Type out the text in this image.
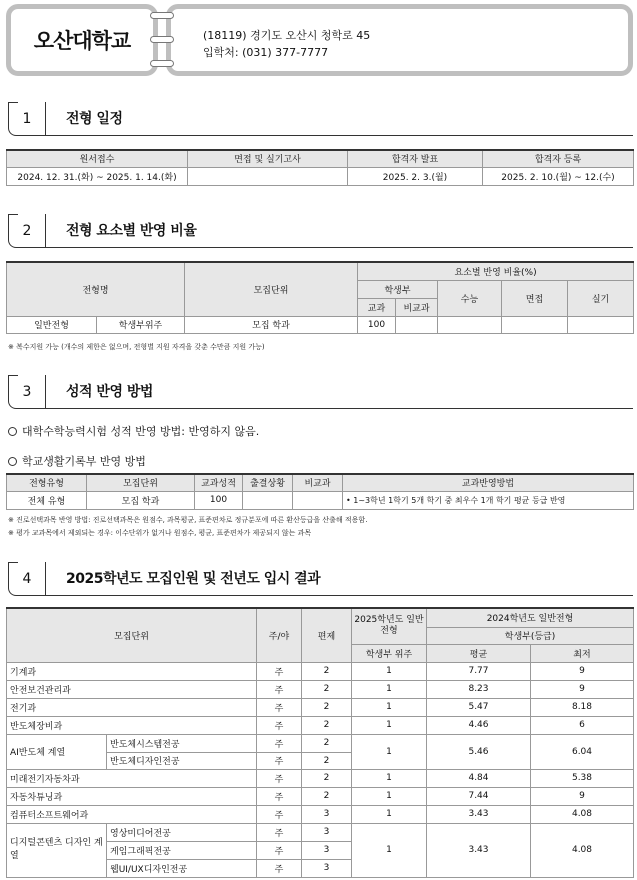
오산대학교	(18119) 경기도 오산시 청학로 45
입학처: (031) 377-7777
1	전형 일정
원서접수	면접 및 실기고사	합격자 발표	합격자 등록
2024. 12. 31.(화) ~ 2025. 1. 14.(화)		2025. 2. 3.(월)	2025. 2. 10.(월) ~ 12.(수)
2	전형 요소별 반영 비율
전형명		모집단위	요소별 반영 비율(%)				
			학생부		수능	면접	실기
			교과	비교과			
일반전형	학생부위주	모집 학과	100				
※ 복수지원 가능 (개수의 제한은 없으며, 전형별 지원 자격을 갖춘 수만큼 지원 가능)
3	성적 반영 방법
대학수학능력시험 성적 반영 방법: 반영하지 않음.
학교생활기록부 반영 방법
전형유형	모집단위	교과성적	출결상황	비교과	교과반영방법
전체 유형	모집 학과	100			• 1~3학년 1학기 5개 학기 중 최우수 1개 학기 평균 등급 반영
※ 진로선택과목 반영 방법: 진로선택과목은 원점수, 과목평균, 표준편차로 정규분포에 따른 환산등급을 산출해 적용함.
※ 평가 교과목에서 제외되는 경우: 이수단위가 없거나 원점수, 평균, 표준편차가 제공되지 않는 과목
4	2025학년도 모집인원 및 전년도 입시 결과
모집단위		주/야	편제	2025학년도 일반전형	2024학년도 일반전형	
					학생부(등급)	
				학생부 위주	평균	최저
기계과		주	2	1	7.77	9
안전보건관리과		주	2	1	8.23	9
전기과		주	2	1	5.47	8.18
반도체장비과		주	2	1	4.46	6
AI반도체 계열	반도체시스템전공	주	2	1	5.46	6.04
	반도체디자인전공	주	2			
미래전기자동차과		주	2	1	4.84	5.38
자동차튜닝과		주	2	1	7.44	9
컴퓨터소프트웨어과		주	3	1	3.43	4.08
디지털콘텐츠 디자인 계열	영상미디어전공	주	3	1	3.43	4.08
	게임그래픽전공	주	3			
	웹UI/UX디자인전공	주	3			
